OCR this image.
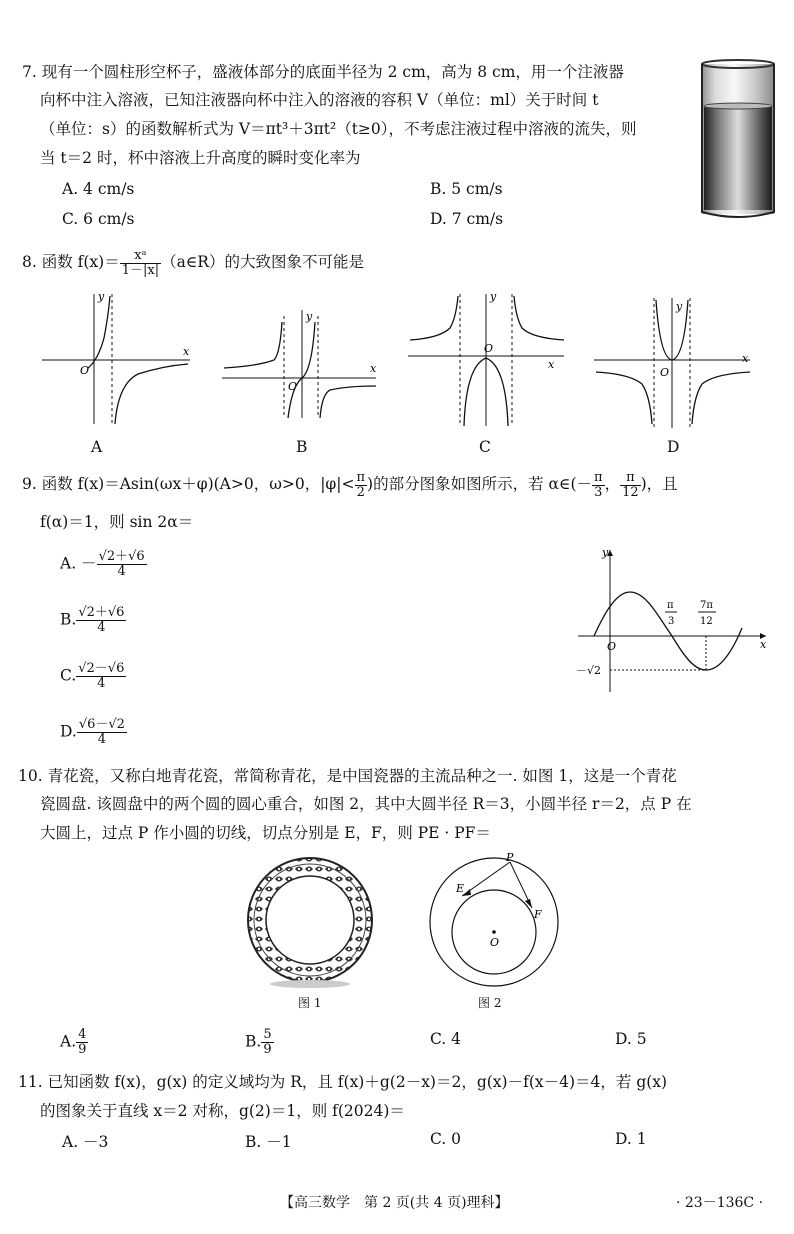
7. 现有一个圆柱形空杯子，盛液体部分的底面半径为 2 cm，高为 8 cm，用一个注液器
向杯中注入溶液，已知注液器向杯中注入的溶液的容积 V（单位：ml）关于时间 t
（单位：s）的函数解析式为 V＝πt³＋3πt²（t≥0），不考虑注液过程中溶液的流失，则
当 t＝2 时，杯中溶液上升高度的瞬时变化率为
A. 4 cm/s	B. 5 cm/s
C. 6 cm/s	D. 7 cm/s
8. 函数 $f(x)= \frac{\text{xᵃ}}{1-|x|}$ （a∈R）的大致图象不可能是
x
y
O
A
x
y
O
B
x
y
O
C
x
y
O
D
9. 函数 f(x)＝Asin(ωx＋φ)(A>0，ω>0，$|\varphi|< \frac{\pi}{2}$ )的部分图象如图所示，若 α∈(－ $\frac{\pi}{3}$ ， $\frac{\pi}{12}$ )，且
f(α)＝1，则 sin 2α＝
A. － $\frac{√2+√6}{4}$
B. $\frac{√2+√6}{4}$
C. $\frac{√2-√6}{4}$
D. $\frac{√6-√2}{4}$
x
y
O
π
3
7π
12
－√2
10. 青花瓷，又称白地青花瓷，常简称青花，是中国瓷器的主流品种之一. 如图 1，这是一个青花
瓷圆盘. 该圆盘中的两个圆的圆心重合，如图 2，其中大圆半径 R＝3，小圆半径 r＝2，点 P 在
大圆上，过点 P 作小圆的切线，切点分别是 E，F，则 PE · PF＝
图 1
P
E
F
O
图 2
A. $\frac{4}{9}$	B. $\frac{5}{9}$	C. 4	D. 5
11. 已知函数 f(x)，g(x) 的定义域均为 R，且 f(x)＋g(2－x)＝2，g(x)－f(x－4)＝4，若 g(x)
的图象关于直线 x＝2 对称，g(2)＝1，则 f(2024)＝
A. －3	B. －1	C. 0	D. 1
【高三数学　第 2 页(共 4 页)理科】	· 23－136C ·
